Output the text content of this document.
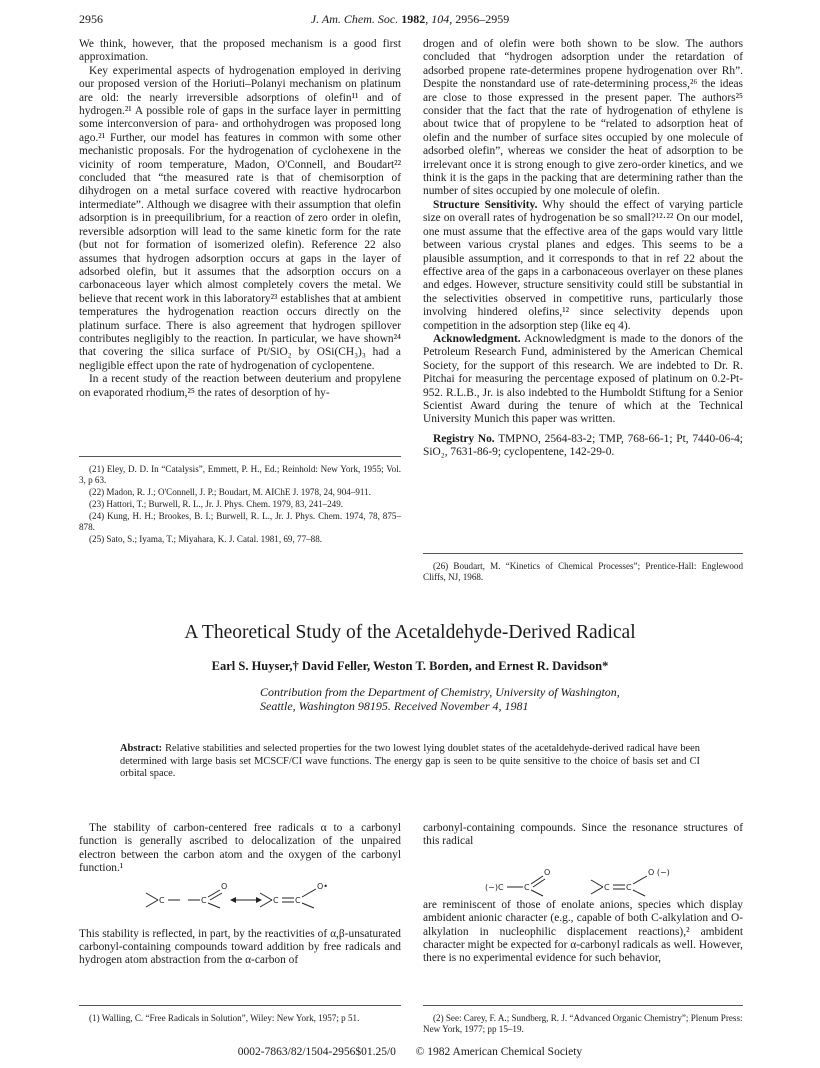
2956	J. Am. Chem. Soc. 1982, 104, 2956–2959

We think, however, that the proposed mechanism is a good first approximation.

Key experimental aspects of hydrogenation employed in deriving our proposed version of the Horiuti–Polanyi mechanism on platinum are old: the nearly irreversible adsorptions of olefin¹¹ and of hydrogen.²¹ A possible role of gaps in the surface layer in permitting some interconversion of para- and orthohydrogen was proposed long ago.²¹ Further, our model has features in common with some other mechanistic proposals. For the hydrogenation of cyclohexene in the vicinity of room temperature, Madon, O'Connell, and Boudart²² concluded that “the measured rate is that of chemisorption of dihydrogen on a metal surface covered with reactive hydrocarbon intermediate”. Although we disagree with their assumption that olefin adsorption is in preequilibrium, for a reaction of zero order in olefin, reversible adsorption will lead to the same kinetic form for the rate (but not for formation of isomerized olefin). Reference 22 also assumes that hydrogen adsorption occurs at gaps in the layer of adsorbed olefin, but it assumes that the adsorption occurs on a carbonaceous layer which almost completely covers the metal. We believe that recent work in this laboratory²³ establishes that at ambient temperatures the hydrogenation reaction occurs directly on the platinum surface. There is also agreement that hydrogen spillover contributes negligibly to the reaction. In particular, we have shown²⁴ that covering the silica surface of Pt/SiO₂ by OSi(CH₃)₃ had a negligible effect upon the rate of hydrogenation of cyclopentene.

In a recent study of the reaction between deuterium and propylene on evaporated rhodium,²⁵ the rates of desorption of hy-

drogen and of olefin were both shown to be slow. The authors concluded that “hydrogen adsorption under the retardation of adsorbed propene rate-determines propene hydrogenation over Rh”. Despite the nonstandard use of rate-determining process,²⁶ the ideas are close to those expressed in the present paper. The authors²⁵ consider that the fact that the rate of hydrogenation of ethylene is about twice that of propylene to be “related to adsorption heat of olefin and the number of surface sites occupied by one molecule of adsorbed olefin”, whereas we consider the heat of adsorption to be irrelevant once it is strong enough to give zero-order kinetics, and we think it is the gaps in the packing that are determining rather than the number of sites occupied by one molecule of olefin.

Structure Sensitivity. Why should the effect of varying particle size on overall rates of hydrogenation be so small?¹²·²² On our model, one must assume that the effective area of the gaps would vary little between various crystal planes and edges. This seems to be a plausible assumption, and it corresponds to that in ref 22 about the effective area of the gaps in a carbonaceous overlayer on these planes and edges. However, structure sensitivity could still be substantial in the selectivities observed in competitive runs, particularly those involving hindered olefins,¹² since selectivity depends upon competition in the adsorption step (like eq 4).

Acknowledgment. Acknowledgment is made to the donors of the Petroleum Research Fund, administered by the American Chemical Society, for the support of this research. We are indebted to Dr. R. Pitchai for measuring the percentage exposed of platinum on 0.2-Pt-952. R.L.B., Jr. is also indebted to the Humboldt Stiftung for a Senior Scientist Award during the tenure of which at the Technical University Munich this paper was written.

Registry No. TMPNO, 2564-83-2; TMP, 768-66-1; Pt, 7440-06-4; SiO₂, 7631-86-9; cyclopentene, 142-29-0.

(21) Eley, D. D. In “Catalysis”, Emmett, P. H., Ed.; Reinhold: New York, 1955; Vol. 3, p 63.

(22) Madon, R. J.; O'Connell, J. P.; Boudart, M. AIChE J. 1978, 24, 904–911.

(23) Hattori, T.; Burwell, R. L., Jr. J. Phys. Chem. 1979, 83, 241–249.

(24) Kung, H. H.; Brookes, B. I.; Burwell, R. L., Jr. J. Phys. Chem. 1974, 78, 875–878.

(25) Sato, S.; Iyama, T.; Miyahara, K. J. Catal. 1981, 69, 77–88.

(26) Boudart, M. “Kinetics of Chemical Processes”; Prentice-Hall: Englewood Cliffs, NJ, 1968.

A Theoretical Study of the Acetaldehyde-Derived Radical
Earl S. Huyser,† David Feller, Weston T. Borden, and Ernest R. Davidson*
Contribution from the Department of Chemistry, University of Washington,
Seattle, Washington 98195. Received November 4, 1981
Abstract: Relative stabilities and selected properties for the two lowest lying doublet states of the acetaldehyde-derived radical have been determined with large basis set MCSCF/CI wave functions. The energy gap is seen to be quite sensitive to the choice of basis set and CI orbital space.

The stability of carbon-centered free radicals α to a carbonyl function is generally ascribed to delocalization of the unpaired electron between the carbon atom and the oxygen of the carbonyl function.¹

This stability is reflected, in part, by the reactivities of α,β-unsaturated carbonyl-containing compounds toward addition by free radicals and hydrogen atom abstraction from the α-carbon of

C	C
O
C C
O•

carbonyl-containing compounds. Since the resonance structures of this radical

are reminiscent of those of enolate anions, species which display ambident anionic character (e.g., capable of both C-alkylation and O-alkylation in nucleophilic displacement reactions),² ambident character might be expected for α-carbonyl radicals as well. However, there is no experimental evidence for such behavior,

(−)C	C
O
C C
O (−)

(1) Walling, C. “Free Radicals in Solution”, Wiley: New York, 1957; p 51.	(2) See: Carey, F. A.; Sundberg, R. J. “Advanced Organic Chemistry”; Plenum Press: New York, 1977; pp 15–19.

0002-7863/82/1504-2956$01.25/0 © 1982 American Chemical Society
